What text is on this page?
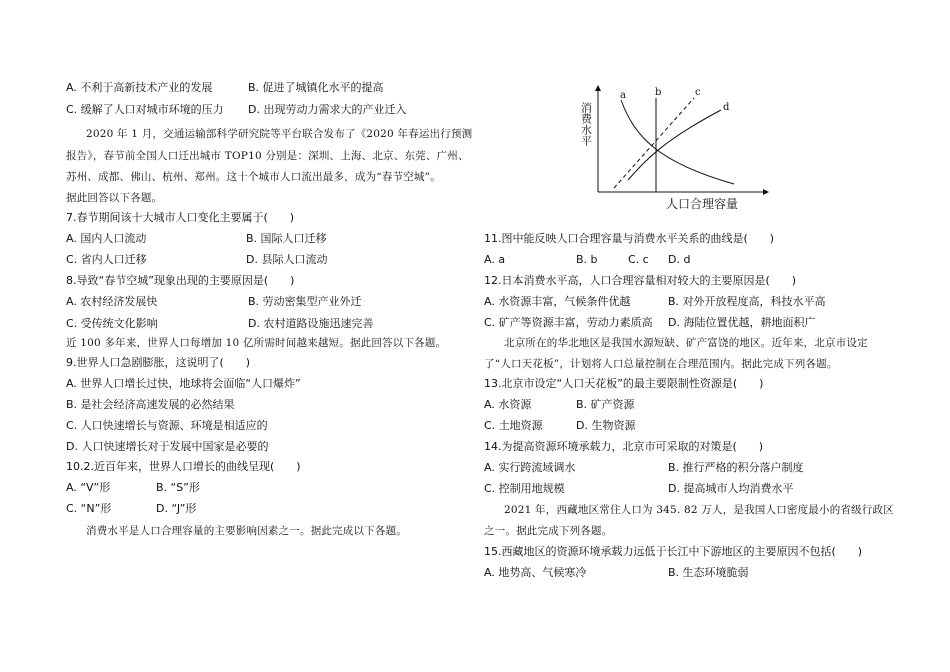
A. 不利于高新技术产业的发展	B. 促进了城镇化水平的提高
C. 缓解了人口对城市环境的压力 D. 出现劳动力需求大的产业迁入
2020 年 1 月，交通运输部科学研究院等平台联合发布了《2020 年春运出行预测
报告》，春节前全国人口迁出城市 TOP10 分别是：深圳、上海、北京、东莞、广州、
苏州、成都、佛山、杭州、郑州。这十个城市人口流出最多，成为“春节空城”。
据此回答以下各题。
7.春节期间该十大城市人口变化主要属于(　　)
A. 国内人口流动	B. 国际人口迁移
C. 省内人口迁移	D. 县际人口流动
8.导致“春节空城”现象出现的主要原因是(　　)
A. 农村经济发展快	B. 劳动密集型产业外迁
C. 受传统文化影响	D. 农村道路设施迅速完善
近 100 多年来，世界人口每增加 10 亿所需时间越来越短。据此回答以下各题。
9.世界人口急剧膨胀，这说明了(　　)
A. 世界人口增长过快，地球将会面临“人口爆炸”
B. 是社会经济高速发展的必然结果
C. 人口快速增长与资源、环境是相适应的
D. 人口快速增长对于发展中国家是必要的
10.2.近百年来，世界人口增长的曲线呈现(　　)
A. “V”形	B. “S”形
C. “N”形	D. “J”形
消费水平是人口合理容量的主要影响因素之一。据此完成以下各题。
消费水平
人口合理容量
a	b	c
d
11.图中能反映人口合理容量与消费水平关系的曲线是(　　)
A. a	B. b	C. c D. d
12.日本消费水平高，人口合理容量相对较大的主要原因是(　　)
A. 水资源丰富，气候条件优越	B. 对外开放程度高，科技水平高
C. 矿产等资源丰富，劳动力素质高 D. 海陆位置优越，耕地面积广
北京所在的华北地区是我国水源短缺、矿产富饶的地区。近年来，北京市设定
了“人口天花板”，计划将人口总量控制在合理范围内。据此完成下列各题。
13.北京市设定“人口天花板”的最主要限制性资源是(　　)
A. 水资源	B. 矿产资源
C. 土地资源	D. 生物资源
14.为提高资源环境承载力，北京市可采取的对策是(　　)
A. 实行跨流域调水	B. 推行严格的积分落户制度
C. 控制用地规模	D. 提高城市人均消费水平
2021 年，西藏地区常住人口为 345. 82 万人，是我国人口密度最小的省级行政区
之一。据此完成下列各题。
15.西藏地区的资源环境承载力远低于长江中下游地区的主要原因不包括(　　)
A. 地势高、气候寒冷	B. 生态环境脆弱
